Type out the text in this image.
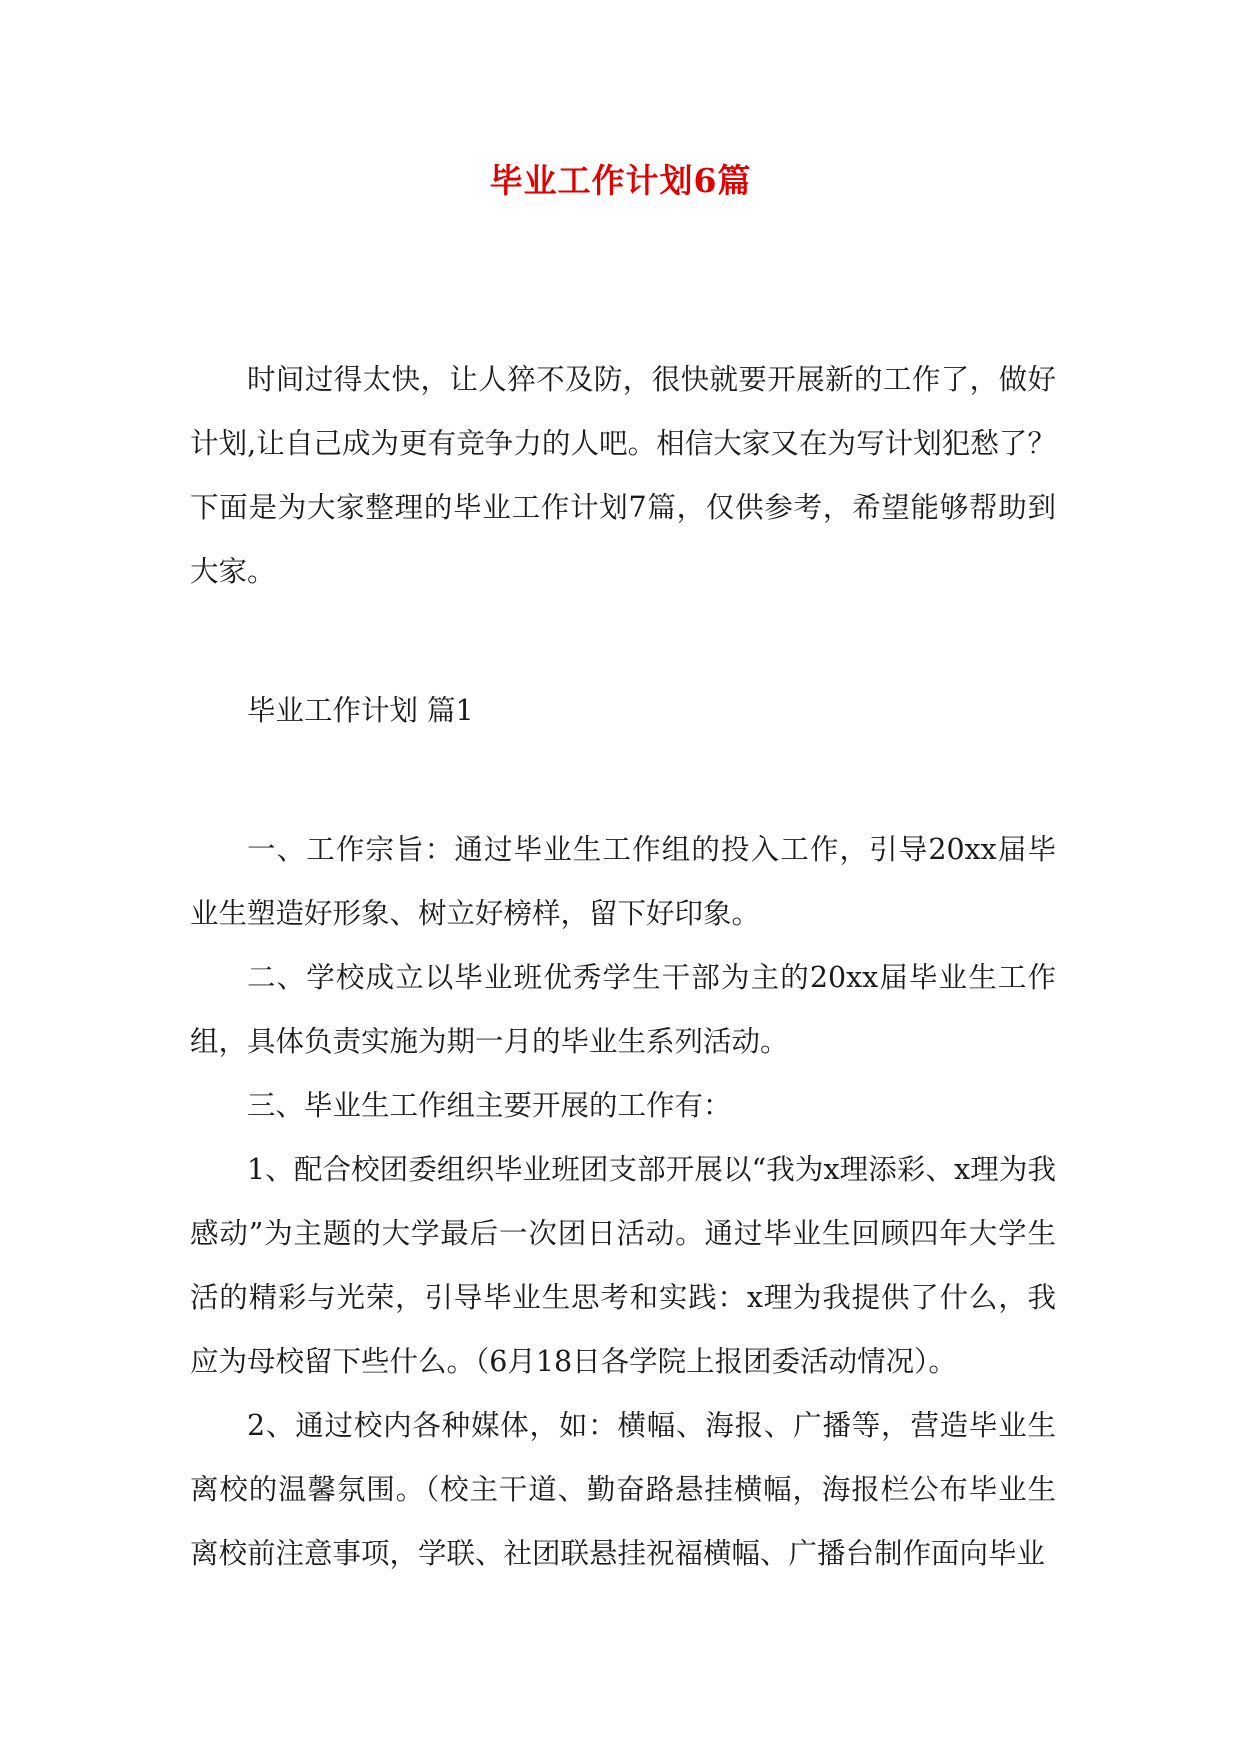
毕业工作计划6篇

时间过得太快，让人猝不及防，很快就要开展新的工作了，做好计划,让自己成为更有竞争力的人吧。相信大家又在为写计划犯愁了？下面是为大家整理的毕业工作计划7篇，仅供参考，希望能够帮助到大家。

毕业工作计划 篇1

一、工作宗旨：通过毕业生工作组的投入工作，引导20xx届毕业生塑造好形象、树立好榜样，留下好印象。

二、学校成立以毕业班优秀学生干部为主的20xx届毕业生工作组，具体负责实施为期一月的毕业生系列活动。

三、毕业生工作组主要开展的工作有：

1、配合校团委组织毕业班团支部开展以“我为x理添彩、x理为我感动”为主题的大学最后一次团日活动。通过毕业生回顾四年大学生活的精彩与光荣，引导毕业生思考和实践：x理为我提供了什么，我应为母校留下些什么。（6月18日各学院上报团委活动情况）。

2、通过校内各种媒体，如：横幅、海报、广播等，营造毕业生离校的温馨氛围。（校主干道、勤奋路悬挂横幅，海报栏公布毕业生离校前注意事项，学联、社团联悬挂祝福横幅、广播台制作面向毕业
